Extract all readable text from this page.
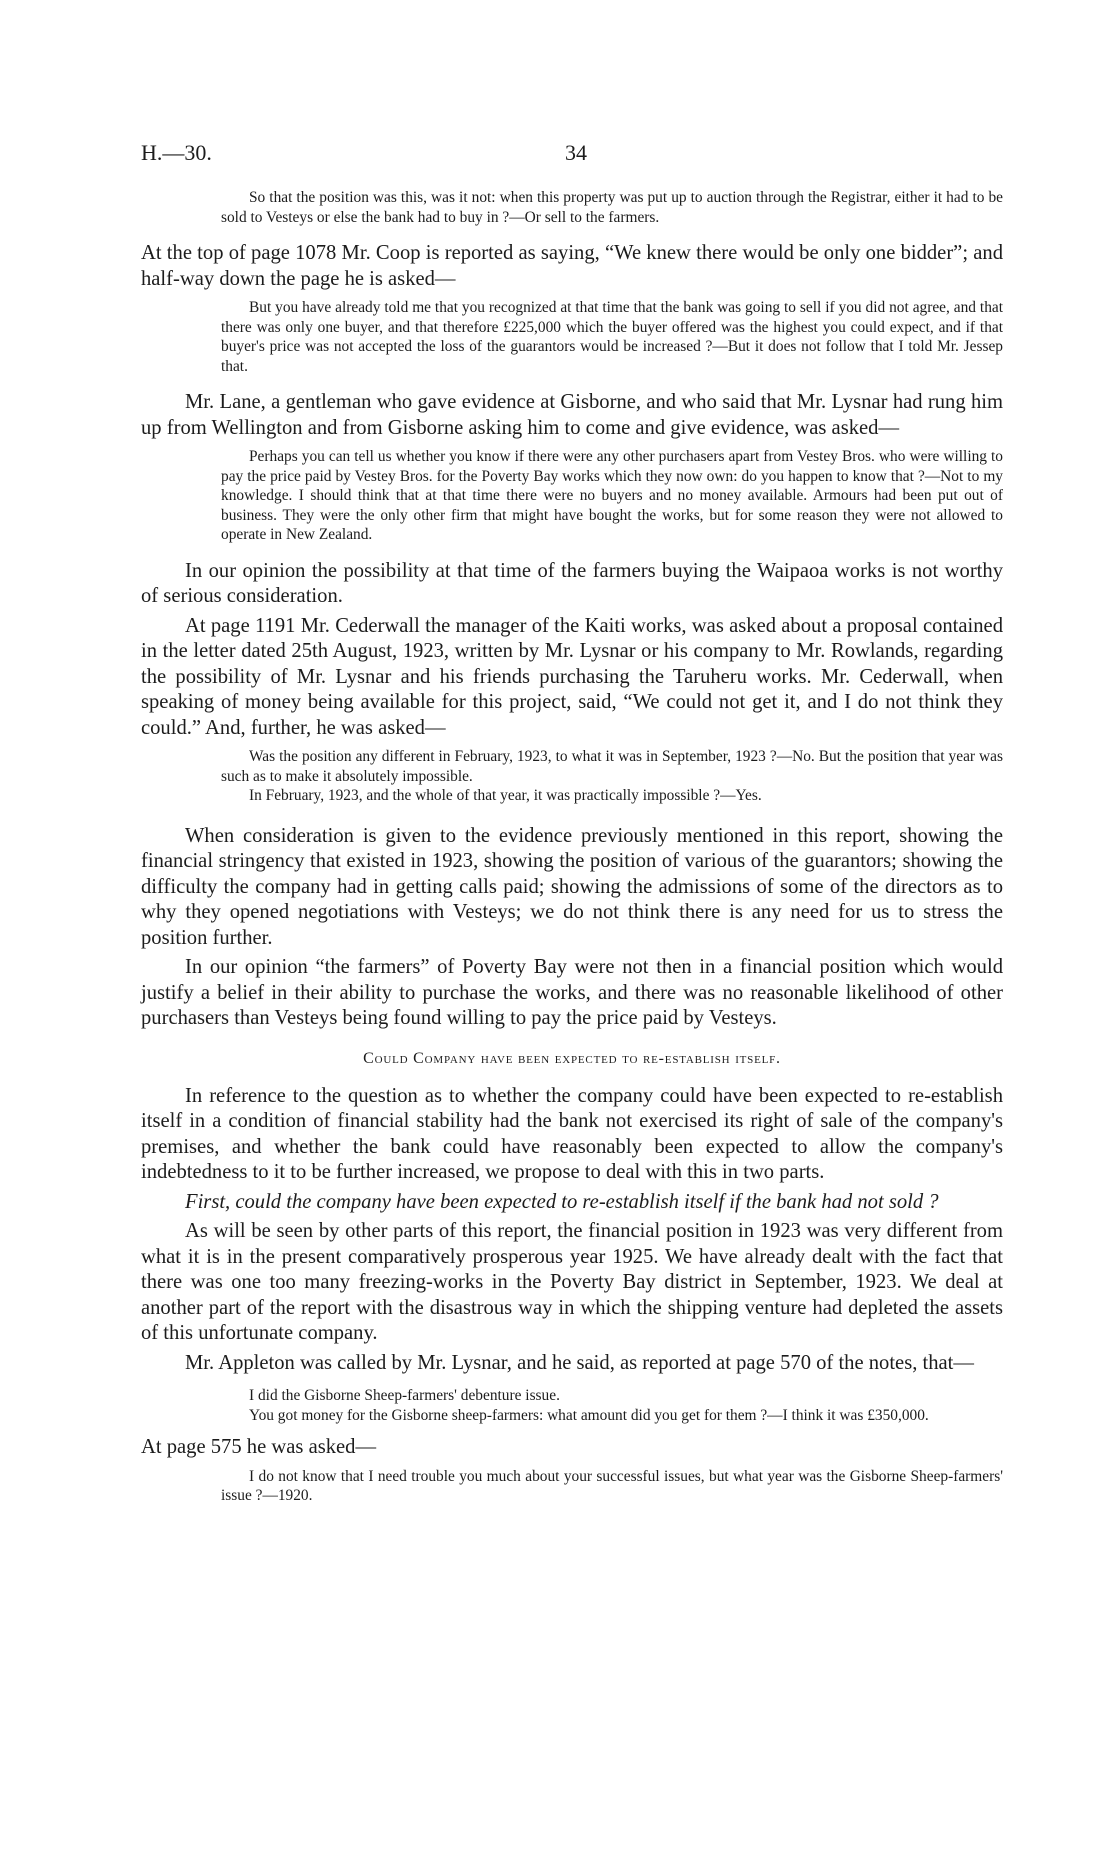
H.—30.	34

So that the position was this, was it not: when this property was put up to auction through the Registrar, either it had to be sold to Vesteys or else the bank had to buy in ?—Or sell to the farmers.

At the top of page 1078 Mr. Coop is reported as saying, “We knew there would be only one bidder”; and half-way down the page he is asked—

But you have already told me that you recognized at that time that the bank was going to sell if you did not agree, and that there was only one buyer, and that therefore £225,000 which the buyer offered was the highest you could expect, and if that buyer's price was not accepted the loss of the guarantors would be increased ?—But it does not follow that I told Mr. Jessep that.

Mr. Lane, a gentleman who gave evidence at Gisborne, and who said that Mr. Lysnar had rung him up from Wellington and from Gisborne asking him to come and give evidence, was asked—

Perhaps you can tell us whether you know if there were any other purchasers apart from Vestey Bros. who were willing to pay the price paid by Vestey Bros. for the Poverty Bay works which they now own: do you happen to know that ?—Not to my knowledge. I should think that at that time there were no buyers and no money available. Armours had been put out of business. They were the only other firm that might have bought the works, but for some reason they were not allowed to operate in New Zealand.

In our opinion the possibility at that time of the farmers buying the Waipaoa works is not worthy of serious consideration.

At page 1191 Mr. Cederwall the manager of the Kaiti works, was asked about a proposal contained in the letter dated 25th August, 1923, written by Mr. Lysnar or his company to Mr. Rowlands, regarding the possibility of Mr. Lysnar and his friends purchasing the Taruheru works. Mr. Cederwall, when speaking of money being available for this project, said, “We could not get it, and I do not think they could.” And, further, he was asked—

Was the position any different in February, 1923, to what it was in September, 1923 ?—No. But the position that year was such as to make it absolutely impossible.

In February, 1923, and the whole of that year, it was practically impossible ?—Yes.

When consideration is given to the evidence previously mentioned in this report, showing the financial stringency that existed in 1923, showing the position of various of the guarantors; showing the difficulty the company had in getting calls paid; showing the admissions of some of the directors as to why they opened negotiations with Vesteys; we do not think there is any need for us to stress the position further.

In our opinion “the farmers” of Poverty Bay were not then in a financial position which would justify a belief in their ability to purchase the works, and there was no reasonable likelihood of other purchasers than Vesteys being found willing to pay the price paid by Vesteys.

Could Company have been expected to re-establish itself.

In reference to the question as to whether the company could have been expected to re-establish itself in a condition of financial stability had the bank not exercised its right of sale of the company's premises, and whether the bank could have reasonably been expected to allow the company's indebtedness to it to be further increased, we propose to deal with this in two parts.

First, could the company have been expected to re-establish itself if the bank had not sold ?

As will be seen by other parts of this report, the financial position in 1923 was very different from what it is in the present comparatively prosperous year 1925. We have already dealt with the fact that there was one too many freezing-works in the Poverty Bay district in September, 1923. We deal at another part of the report with the disastrous way in which the shipping venture had depleted the assets of this unfortunate company.

Mr. Appleton was called by Mr. Lysnar, and he said, as reported at page 570 of the notes, that—

I did the Gisborne Sheep-farmers' debenture issue.

You got money for the Gisborne sheep-farmers: what amount did you get for them ?—I think it was £350,000.

At page 575 he was asked—

I do not know that I need trouble you much about your successful issues, but what year was the Gisborne Sheep-farmers' issue ?—1920.
